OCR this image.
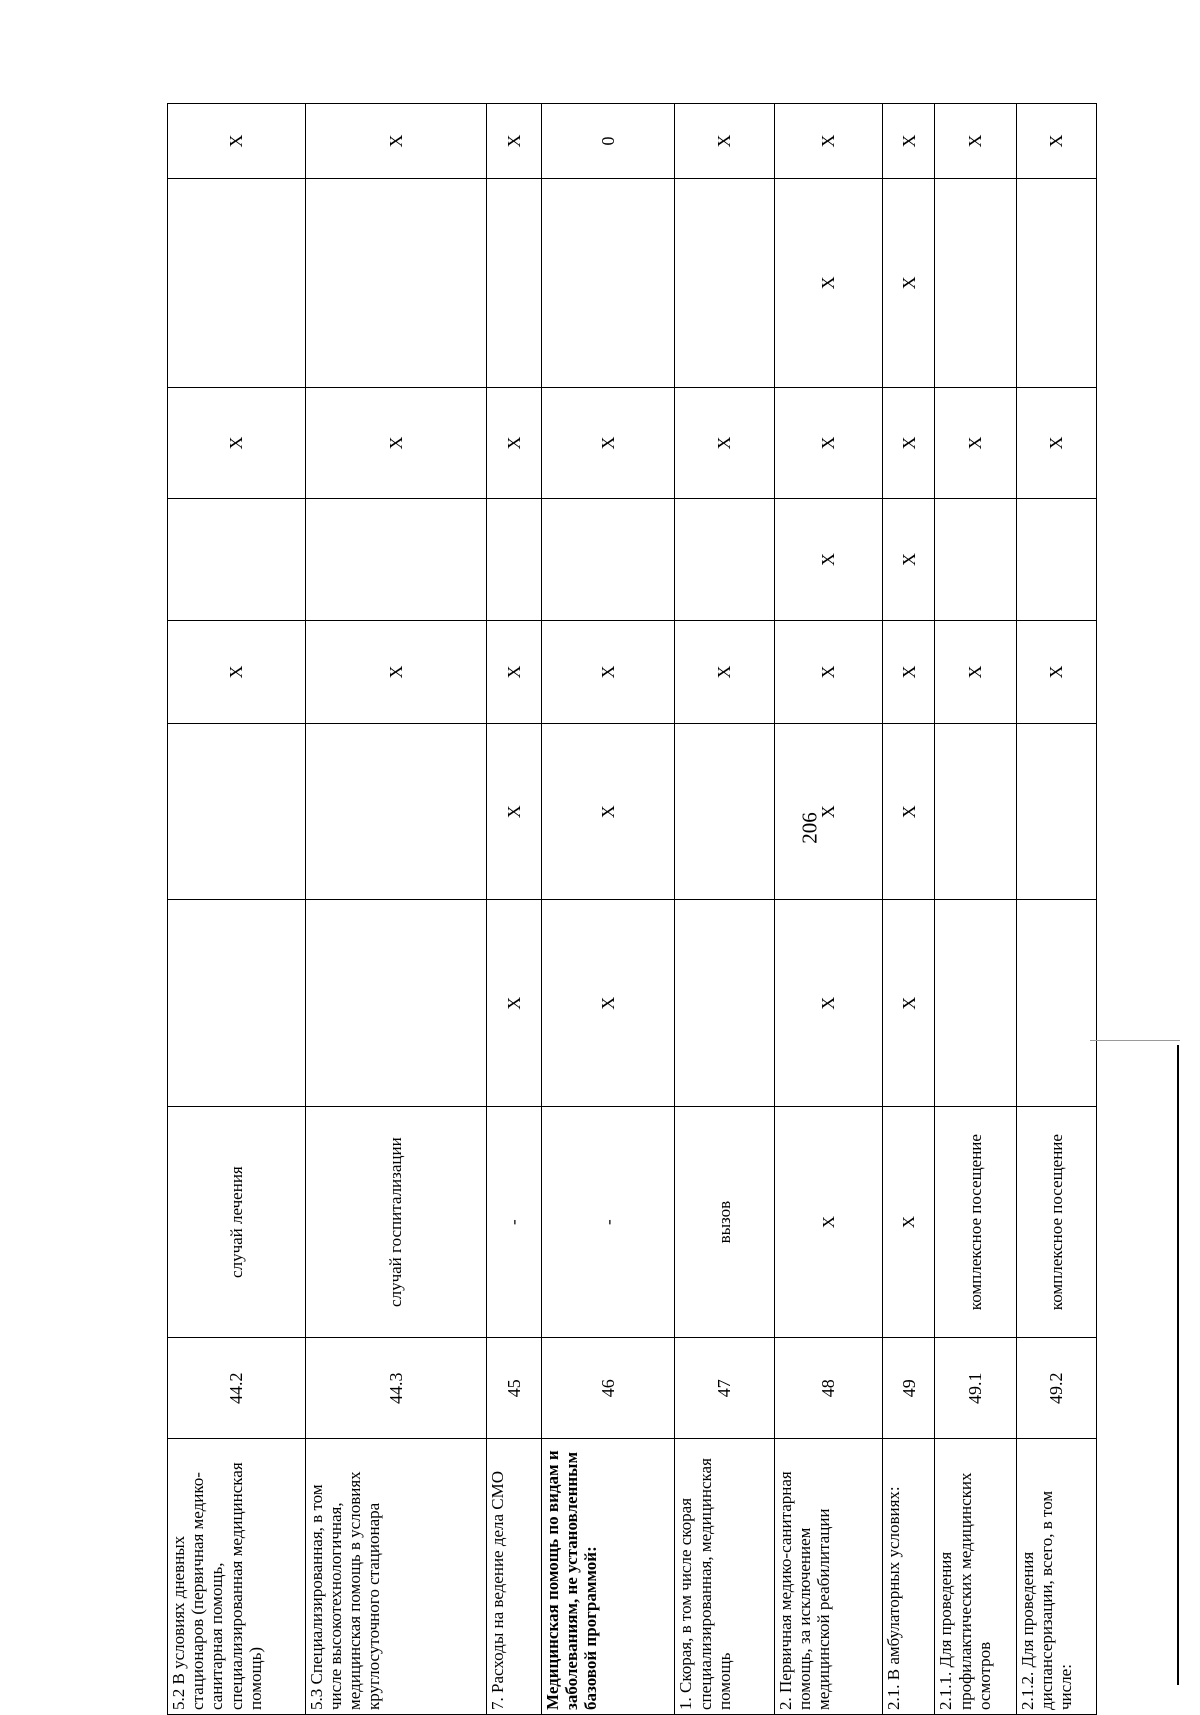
206
5.2 В условиях дневных стационаров (первичная медико-санитарная помощь, специализированная медицинская помощь)	44.2	случай лечения			Х		Х		Х
5.3 Специализированная, в том числе высокотехнологичная, медицинская помощь в условиях круглосуточного стационара	44.3	случай госпитализации			Х		Х		Х
7. Расходы на ведение дела СМО	45	-	Х	Х	Х		Х		Х
Медицинская помощь по видам и заболеваниям, не установленным базовой программой:	46	-	Х	Х	Х		Х		0
1. Скорая, в том числе скорая специализированная, медицинская помощь	47	вызов			Х		Х		Х
2. Первичная медико-санитарная помощь, за исключением медицинской реабилитации	48	Х	Х	Х	Х	Х	Х	Х	Х
2.1. В амбулаторных условиях:	49	Х	Х	Х	Х	Х	Х	Х	Х
2.1.1. Для проведения профилактических медицинских осмотров	49.1	комплексное посещение			Х		Х		Х
2.1.2. Для проведения диспансеризации, всего, в том числе:	49.2	комплексное посещение			Х		Х		Х
